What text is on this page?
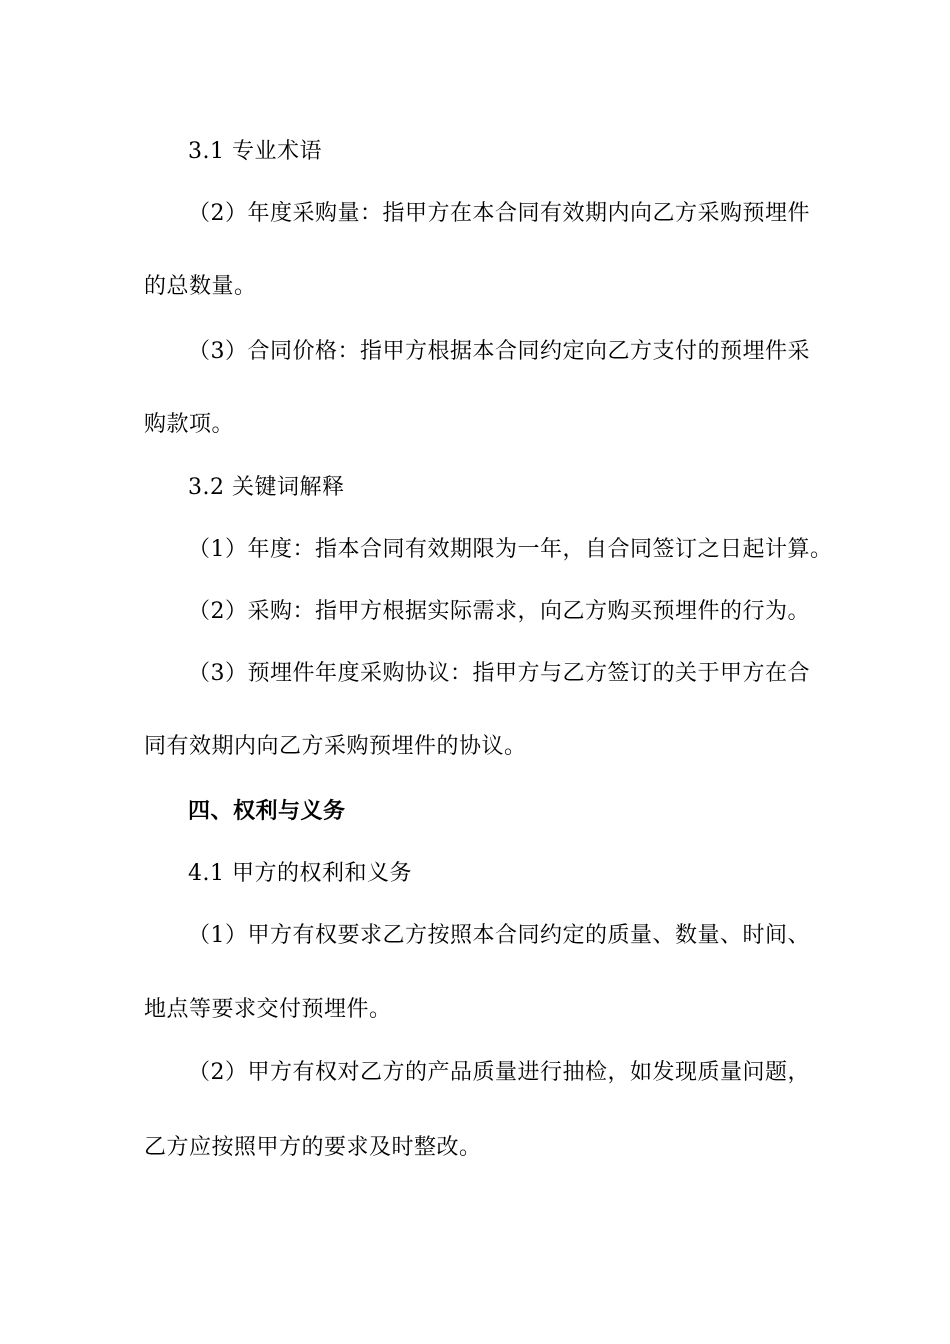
3.1 专业术语
（2）年度采购量：指甲方在本合同有效期内向乙方采购预埋件
的总数量。
（3）合同价格：指甲方根据本合同约定向乙方支付的预埋件采
购款项。
3.2 关键词解释
（1）年度：指本合同有效期限为一年，自合同签订之日起计算。
（2）采购：指甲方根据实际需求，向乙方购买预埋件的行为。
（3）预埋件年度采购协议：指甲方与乙方签订的关于甲方在合
同有效期内向乙方采购预埋件的协议。
四、权利与义务
4.1 甲方的权利和义务
（1）甲方有权要求乙方按照本合同约定的质量、数量、时间、
地点等要求交付预埋件。
（2）甲方有权对乙方的产品质量进行抽检，如发现质量问题，
乙方应按照甲方的要求及时整改。
